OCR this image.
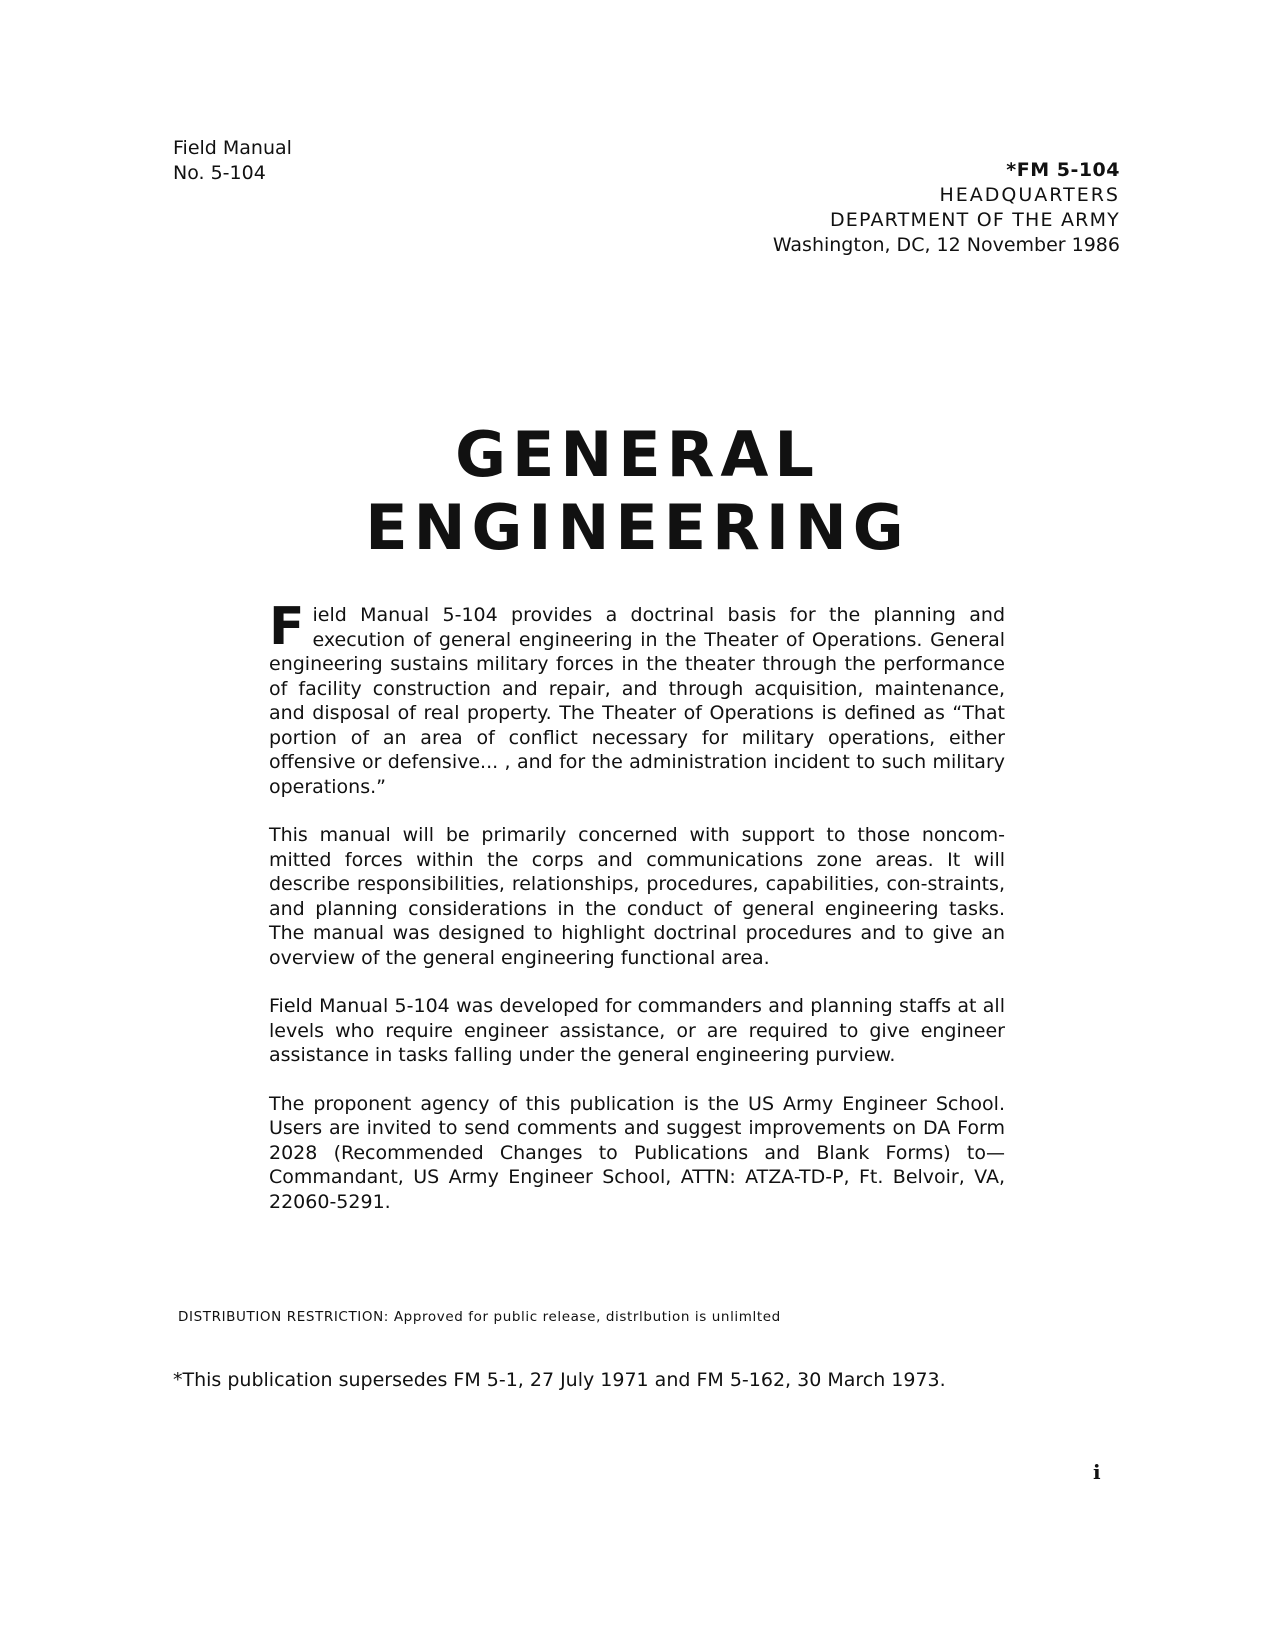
Field Manual
No. 5-104	*FM 5-104
HEADQUARTERS
DEPARTMENT OF THE ARMY
Washington, DC, 12 November 1986
GENERAL
ENGINEERING

Field Manual 5-104 provides a doctrinal basis for the planning and execution of general engineering in the Theater of Operations. General engineering sustains military forces in the theater through the performance of facility construction and repair, and through acquisition, maintenance, and disposal of real property. The Theater of Operations is defined as “That portion of an area of conflict necessary for military operations, either offensive or defensive... , and for the administration incident to such military operations.”

This manual will be primarily concerned with support to those noncom-mitted forces within the corps and communications zone areas. It will describe responsibilities, relationships, procedures, capabilities, con-straints, and planning considerations in the conduct of general engineering tasks. The manual was designed to highlight doctrinal procedures and to give an overview of the general engineering functional area.

Field Manual 5-104 was developed for commanders and planning staffs at all levels who require engineer assistance, or are required to give engineer assistance in tasks falling under the general engineering purview.

The proponent agency of this publication is the US Army Engineer School. Users are invited to send comments and suggest improvements on DA Form 2028 (Recommended Changes to Publications and Blank Forms) to—Commandant, US Army Engineer School, ATTN: ATZA-TD-P, Ft. Belvoir, VA, 22060-5291.

DISTRIBUTION RESTRICTION: Approved for public release, distrlbution is unlimlted
*This publication supersedes FM 5-1, 27 July 1971 and FM 5-162, 30 March 1973.
i
